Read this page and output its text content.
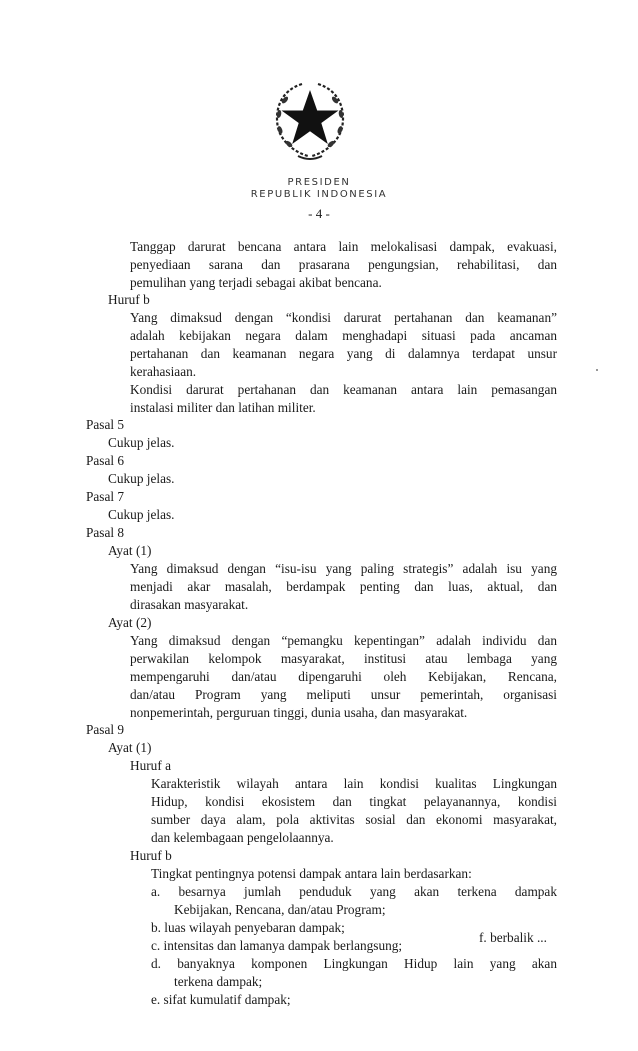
PRESIDEN
REPUBLIK INDONESIA
- 4 -
Tanggap darurat bencana antara lain melokalisasi dampak, evakuasi,
penyediaan sarana dan prasarana pengungsian, rehabilitasi, dan
pemulihan yang terjadi sebagai akibat bencana.
Huruf b
Yang dimaksud dengan “kondisi darurat pertahanan dan keamanan”
adalah kebijakan negara dalam menghadapi situasi pada ancaman
pertahanan dan keamanan negara yang di dalamnya terdapat unsur
kerahasiaan.
Kondisi darurat pertahanan dan keamanan antara lain pemasangan
instalasi militer dan latihan militer.
Pasal 5
Cukup jelas.
Pasal 6
Cukup jelas.
Pasal 7
Cukup jelas.
Pasal 8
Ayat (1)
Yang dimaksud dengan “isu-isu yang paling strategis” adalah isu yang
menjadi akar masalah, berdampak penting dan luas, aktual, dan
dirasakan masyarakat.
Ayat (2)
Yang dimaksud dengan “pemangku kepentingan” adalah individu dan
perwakilan kelompok masyarakat, institusi atau lembaga yang
mempengaruhi dan/atau dipengaruhi oleh Kebijakan, Rencana,
dan/atau Program yang meliputi unsur pemerintah, organisasi
nonpemerintah, perguruan tinggi, dunia usaha, dan masyarakat.
Pasal 9
Ayat (1)
Huruf a
Karakteristik wilayah antara lain kondisi kualitas Lingkungan
Hidup, kondisi ekosistem dan tingkat pelayanannya, kondisi
sumber daya alam, pola aktivitas sosial dan ekonomi masyarakat,
dan kelembagaan pengelolaannya.
Huruf b
Tingkat pentingnya potensi dampak antara lain berdasarkan:
a. besarnya jumlah penduduk yang akan terkena dampak
Kebijakan, Rencana, dan/atau Program;
b. luas wilayah penyebaran dampak;
c. intensitas dan lamanya dampak berlangsung;
d. banyaknya komponen Lingkungan Hidup lain yang akan
terkena dampak;
e. sifat kumulatif dampak;
f. berbalik ...
